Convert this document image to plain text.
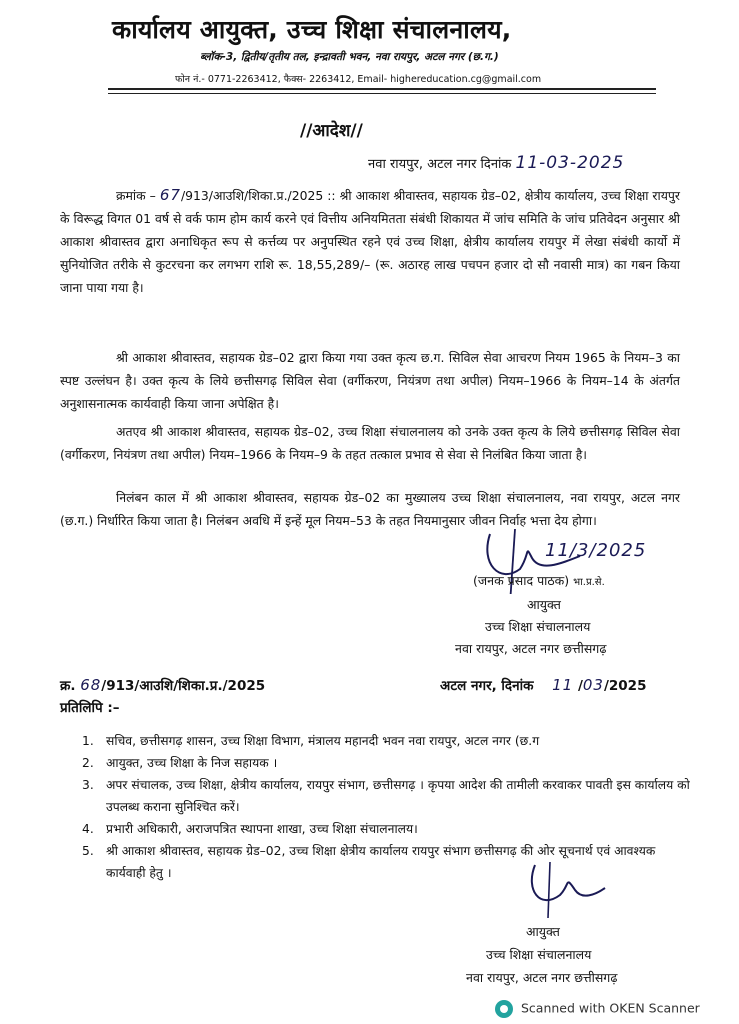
कार्यालय आयुक्त, उच्च शिक्षा संचालनालय,
ब्लॉक-3, द्वितीय/तृतीय तल, इन्द्रावती भवन, नवा रायपुर, अटल नगर (छ.ग.)
फोन नं.- 0771-2263412, फैक्स- 2263412, Email- highereducation.cg@gmail.com
//आदेश//
नवा रायपुर, अटल नगर दिनांक 11-03-2025
क्रमांक – 67/913/आउशि/शिका.प्र./2025 :: श्री आकाश श्रीवास्तव, सहायक ग्रेड–02, क्षेत्रीय कार्यालय, उच्च शिक्षा रायपुर के विरूद्ध विगत 01 वर्ष से वर्क फाम होम कार्य करने एवं वित्तीय अनियमितता संबंधी शिकायत में जांच समिति के जांच प्रतिवेदन अनुसार श्री आकाश श्रीवास्तव द्वारा अनाधिकृत रूप से कर्त्तव्य पर अनुपस्थित रहने एवं उच्च शिक्षा, क्षेत्रीय कार्यालय रायपुर में लेखा संबंधी कार्यो में सुनियोजित तरीके से कुटरचना कर लगभग राशि रू. 18,55,289/– (रू. अठारह लाख पचपन हजार दो सौ नवासी मात्र) का गबन किया जाना पाया गया है।
श्री आकाश श्रीवास्तव, सहायक ग्रेड–02 द्वारा किया गया उक्त कृत्य छ.ग. सिविल सेवा आचरण नियम 1965 के नियम–3 का स्पष्ट उल्लंघन है। उक्त कृत्य के लिये छत्तीसगढ़ सिविल सेवा (वर्गीकरण, नियंत्रण तथा अपील) नियम–1966 के नियम–14 के अंतर्गत अनुशासनात्मक कार्यवाही किया जाना अपेक्षित है।
अतएव श्री आकाश श्रीवास्तव, सहायक ग्रेड–02, उच्च शिक्षा संचालनालय को उनके उक्त कृत्य के लिये छत्तीसगढ़ सिविल सेवा (वर्गीकरण, नियंत्रण तथा अपील) नियम–1966 के नियम–9 के तहत तत्काल प्रभाव से सेवा से निलंबित किया जाता है।
निलंबन काल में श्री आकाश श्रीवास्तव, सहायक ग्रेड–02 का मुख्यालय उच्च शिक्षा संचालनालय, नवा रायपुर, अटल नगर (छ.ग.) निर्धारित किया जाता है। निलंबन अवधि में इन्हें मूल नियम–53 के तहत नियमानुसार जीवन निर्वाह भत्ता देय होगा।
11/3/2025
(जनक प्रसाद पाठक) भा.प्र.से.
आयुक्त
उच्च शिक्षा संचालनालय
नवा रायपुर, अटल नगर छत्तीसगढ़
क्र. 68/913/आउशि/शिका.प्र./2025	अटल नगर, दिनांक 11 /03/2025
प्रतिलिपि :–
1. सचिव, छत्तीसगढ़ शासन, उच्च शिक्षा विभाग, मंत्रालय महानदी भवन नवा रायपुर, अटल नगर (छ.ग
2. आयुक्त, उच्च शिक्षा के निज सहायक ।
3. अपर संचालक, उच्च शिक्षा, क्षेत्रीय कार्यालय, रायपुर संभाग, छत्तीसगढ़ । कृपया आदेश की तामीली करवाकर पावती इस कार्यालय को उपलब्ध कराना सुनिश्चित करें।
4. प्रभारी अधिकारी, अराजपत्रित स्थापना शाखा, उच्च शिक्षा संचालनालय।
5. श्री आकाश श्रीवास्तव, सहायक ग्रेड–02, उच्च शिक्षा क्षेत्रीय कार्यालय रायपुर संभाग छत्तीसगढ़ की ओर सूचनार्थ एवं आवश्यक कार्यवाही हेतु ।
आयुक्त
उच्च शिक्षा संचालनालय
नवा रायपुर, अटल नगर छत्तीसगढ़
Scanned with OKEN Scanner
